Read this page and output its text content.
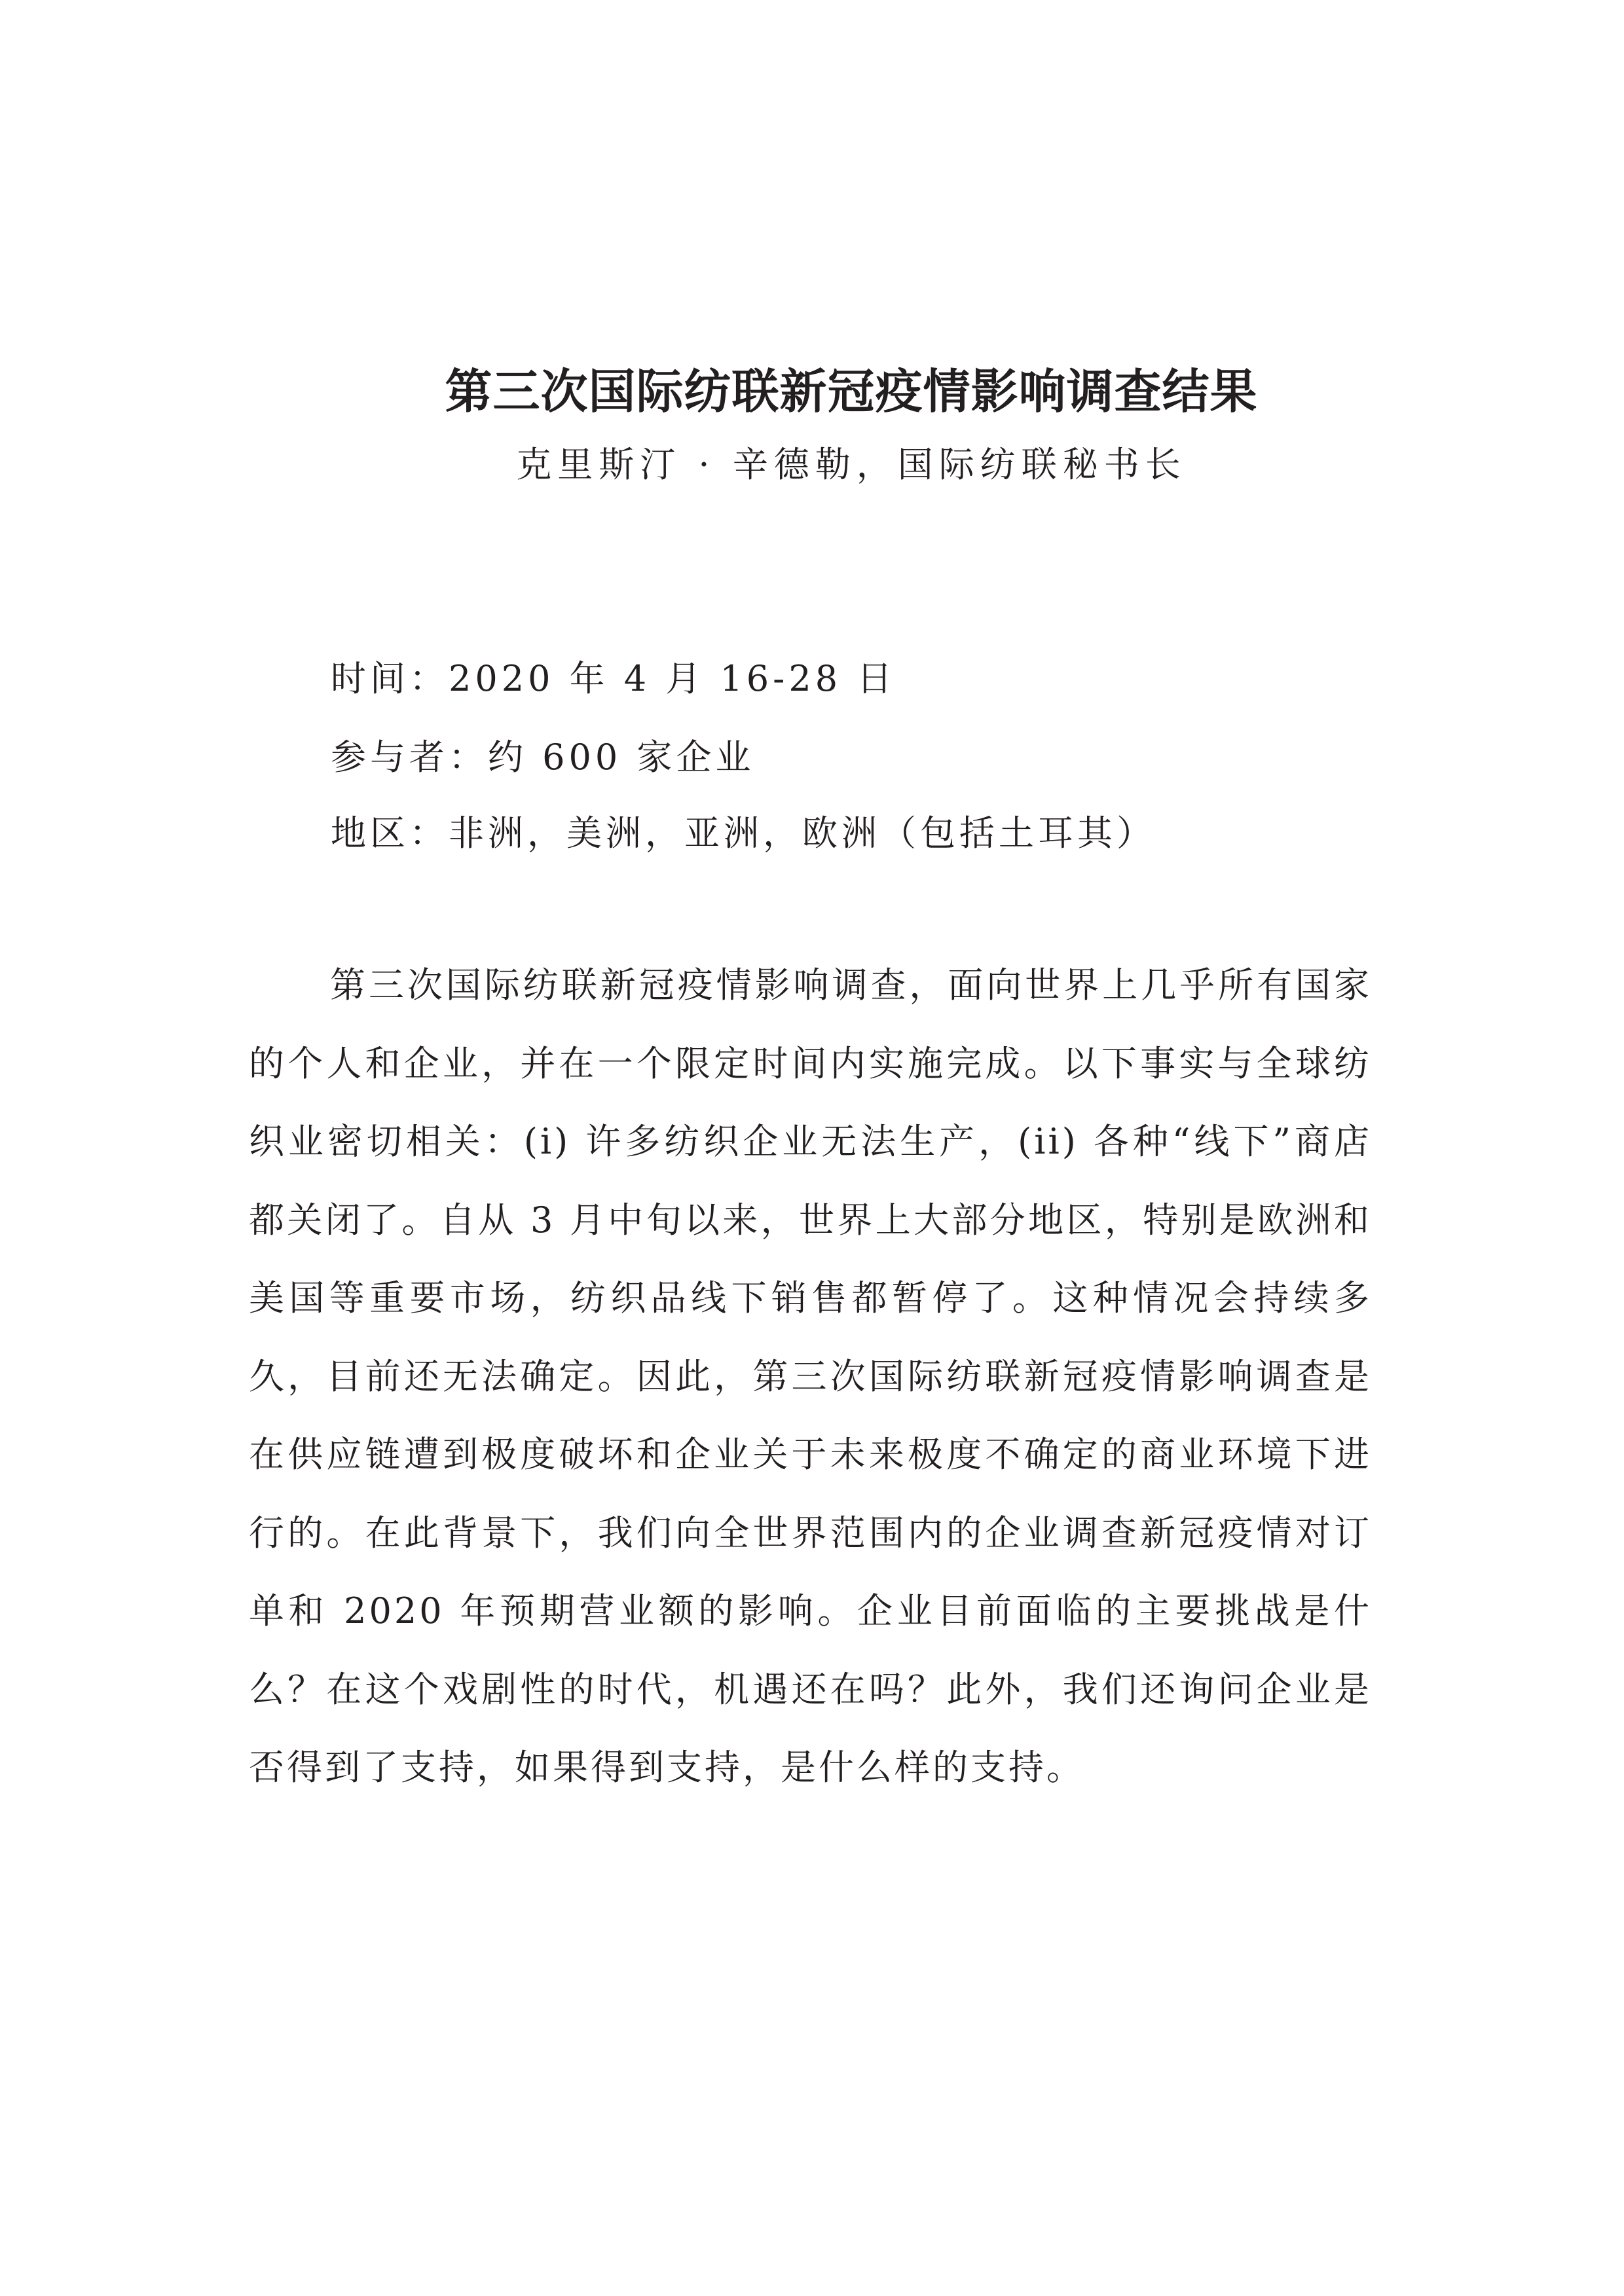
第三次国际纺联新冠疫情影响调查结果
克里斯汀 · 辛德勒，国际纺联秘书长
时间：2020 年 4 月 16-28 日
参与者：约 600 家企业
地区：非洲，美洲，亚洲，欧洲（包括土耳其）

第三次国际纺联新冠疫情影响调查，面向世界上几乎所有国家的个人和企业，并在一个限定时间内实施完成。以下事实与全球纺织业密切相关：(i) 许多纺织企业无法生产，(ii) 各种“线下”商店都关闭了。自从 3 月中旬以来，世界上大部分地区，特别是欧洲和美国等重要市场，纺织品线下销售都暂停了。这种情况会持续多久，目前还无法确定。因此，第三次国际纺联新冠疫情影响调查是在供应链遭到极度破坏和企业关于未来极度不确定的商业环境下进行的。在此背景下，我们向全世界范围内的企业调查新冠疫情对订单和 2020 年预期营业额的影响。企业目前面临的主要挑战是什么？在这个戏剧性的时代，机遇还在吗？此外，我们还询问企业是否得到了支持，如果得到支持，是什么样的支持。
